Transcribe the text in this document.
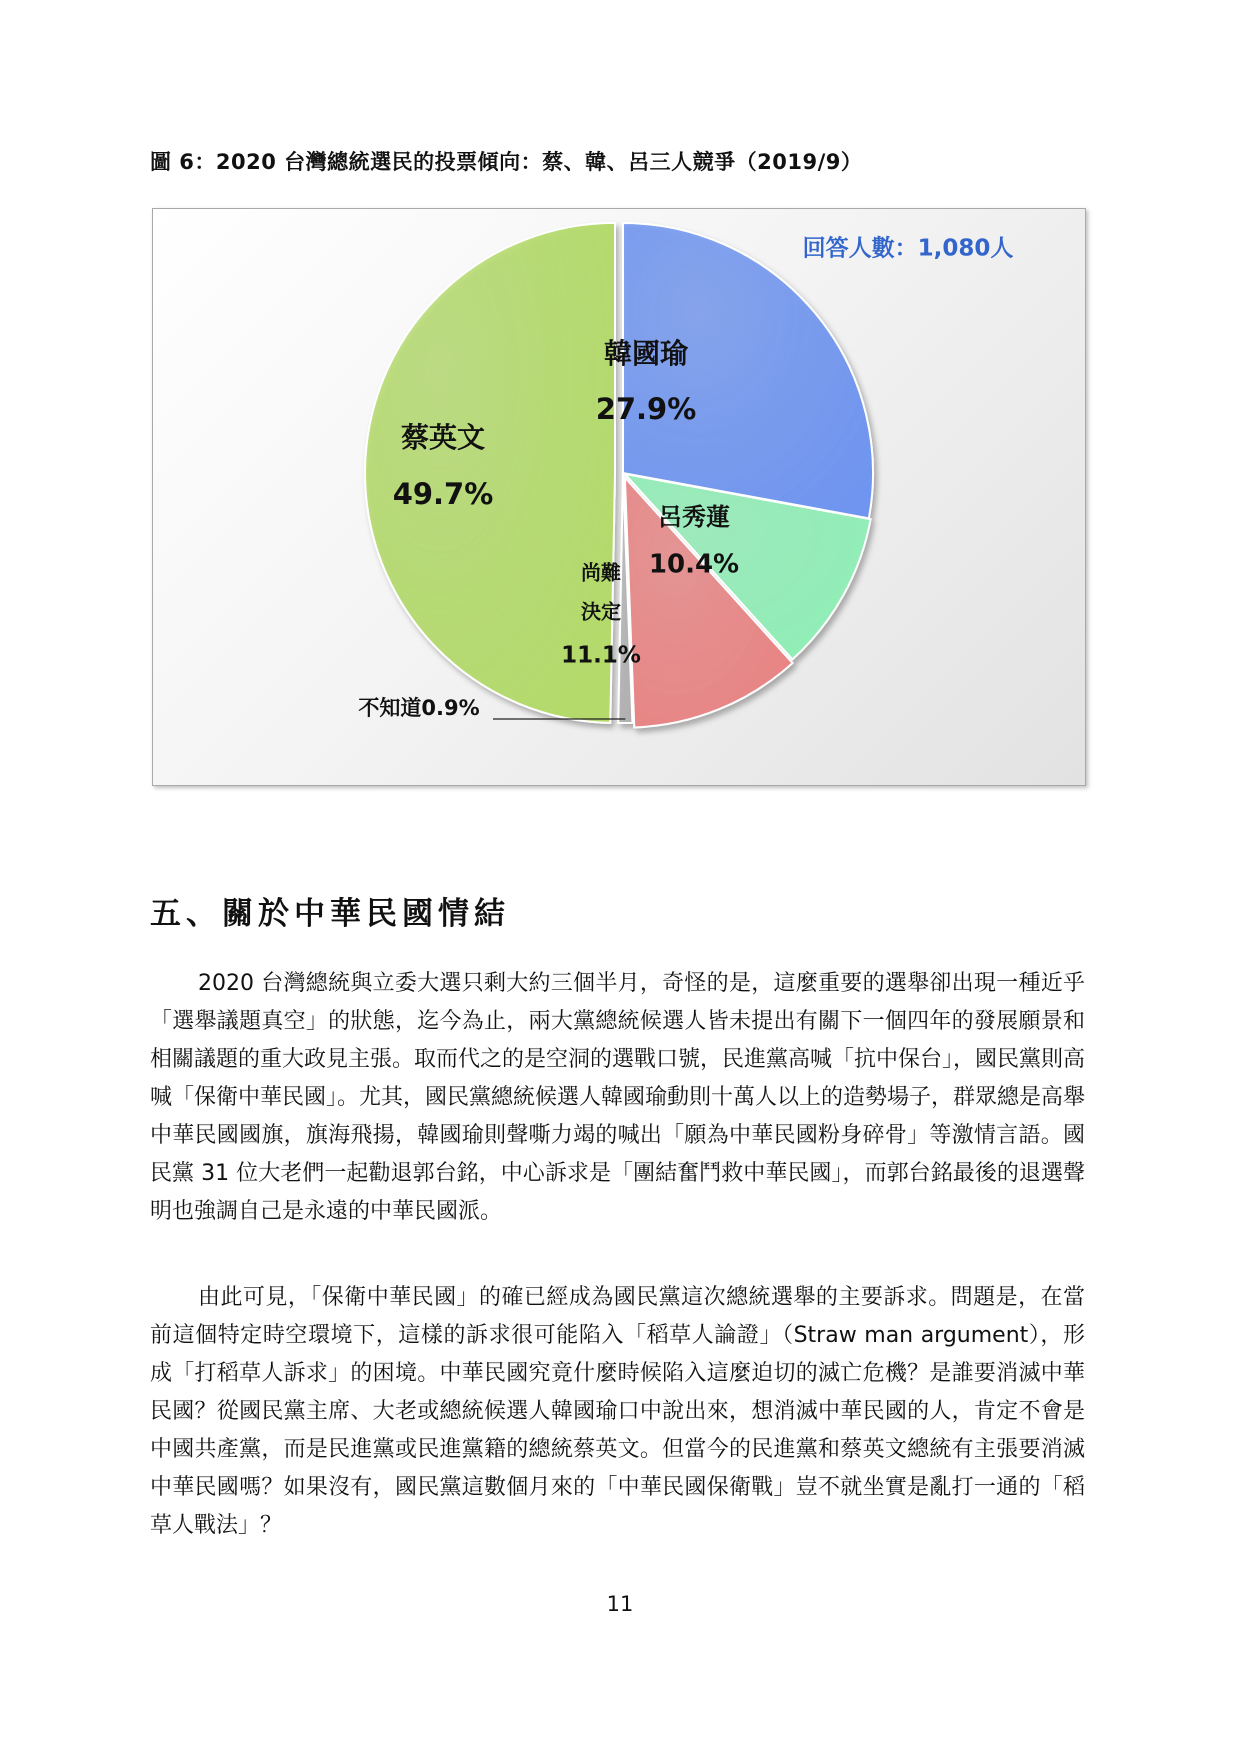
圖 6：2020 台灣總統選民的投票傾向：蔡、韓、呂三人競爭（2019/9）
韓國瑜
27.9%
呂秀蓮
10.4%
尚難
決定
11.1%
不知道0.9%
蔡英文
49.7%
回答人數：1,080人
五、關於中華民國情結

2020 台灣總統與立委大選只剩大約三個半月，奇怪的是，這麼重要的選舉卻出現一種近乎「選舉議題真空」的狀態，迄今為止，兩大黨總統候選人皆未提出有關下一個四年的發展願景和相關議題的重大政見主張。取而代之的是空洞的選戰口號，民進黨高喊「抗中保台」，國民黨則高喊「保衛中華民國」。尤其，國民黨總統候選人韓國瑜動則十萬人以上的造勢場子，群眾總是高舉中華民國國旗，旗海飛揚，韓國瑜則聲嘶力竭的喊出「願為中華民國粉身碎骨」等激情言語。國民黨 31 位大老們一起勸退郭台銘，中心訴求是「團結奮鬥救中華民國」，而郭台銘最後的退選聲明也強調自己是永遠的中華民國派。

由此可見，「保衛中華民國」的確已經成為國民黨這次總統選舉的主要訴求。問題是，在當前這個特定時空環境下，這樣的訴求很可能陷入「稻草人論證」（Straw man argument），形成「打稻草人訴求」的困境。中華民國究竟什麼時候陷入這麼迫切的滅亡危機？是誰要消滅中華民國？從國民黨主席、大老或總統候選人韓國瑜口中說出來，想消滅中華民國的人，肯定不會是中國共產黨，而是民進黨或民進黨籍的總統蔡英文。但當今的民進黨和蔡英文總統有主張要消滅中華民國嗎？如果沒有，國民黨這數個月來的「中華民國保衛戰」豈不就坐實是亂打一通的「稻草人戰法」？

11
